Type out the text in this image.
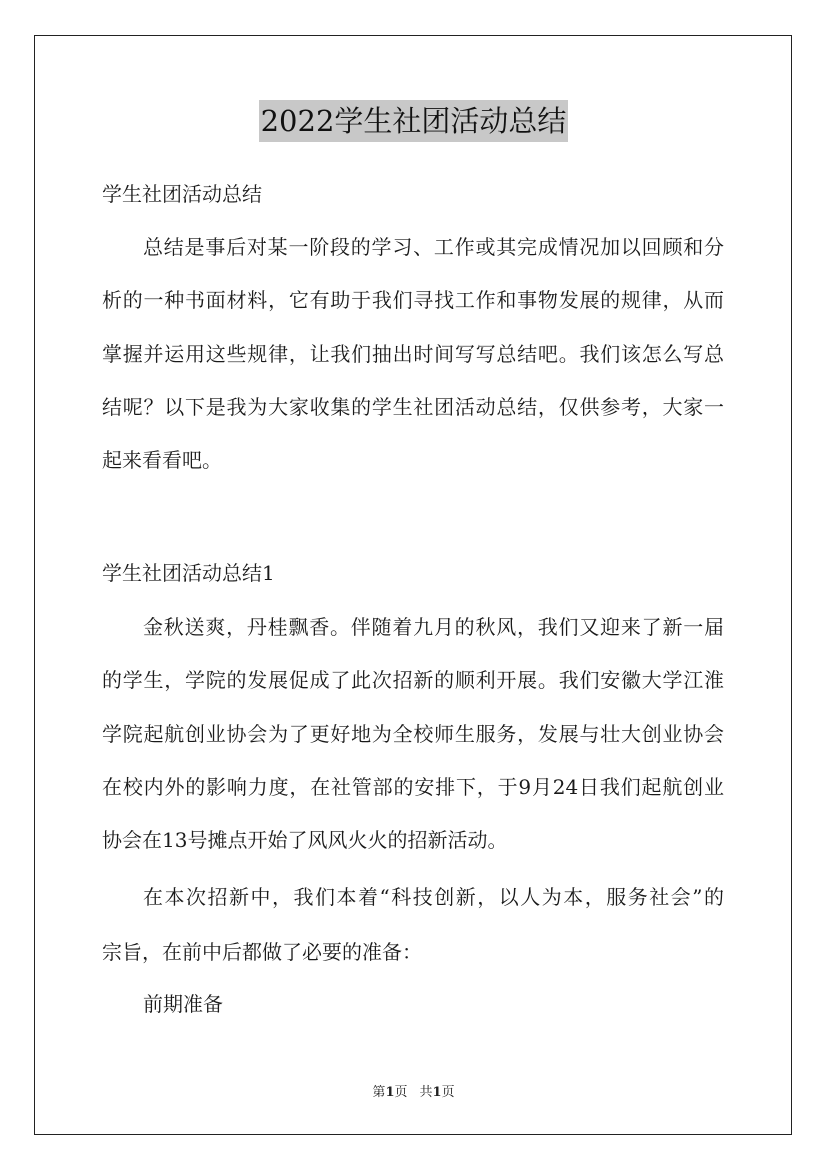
2022学生社团活动总结
学生社团活动总结
总结是事后对某一阶段的学习、工作或其完成情况加以回顾和分
析的一种书面材料，它有助于我们寻找工作和事物发展的规律，从而
掌握并运用这些规律，让我们抽出时间写写总结吧。我们该怎么写总
结呢？以下是我为大家收集的学生社团活动总结，仅供参考，大家一
起来看看吧。
学生社团活动总结1
金秋送爽，丹桂飘香。伴随着九月的秋风，我们又迎来了新一届
的学生，学院的发展促成了此次招新的顺利开展。我们安徽大学江淮
学院起航创业协会为了更好地为全校师生服务，发展与壮大创业协会
在校内外的影响力度，在社管部的安排下，于9月24日我们起航创业
协会在13号摊点开始了风风火火的招新活动。
在本次招新中，我们本着“科技创新，以人为本，服务社会”的
宗旨，在前中后都做了必要的准备：
前期准备
第1页 共1页
